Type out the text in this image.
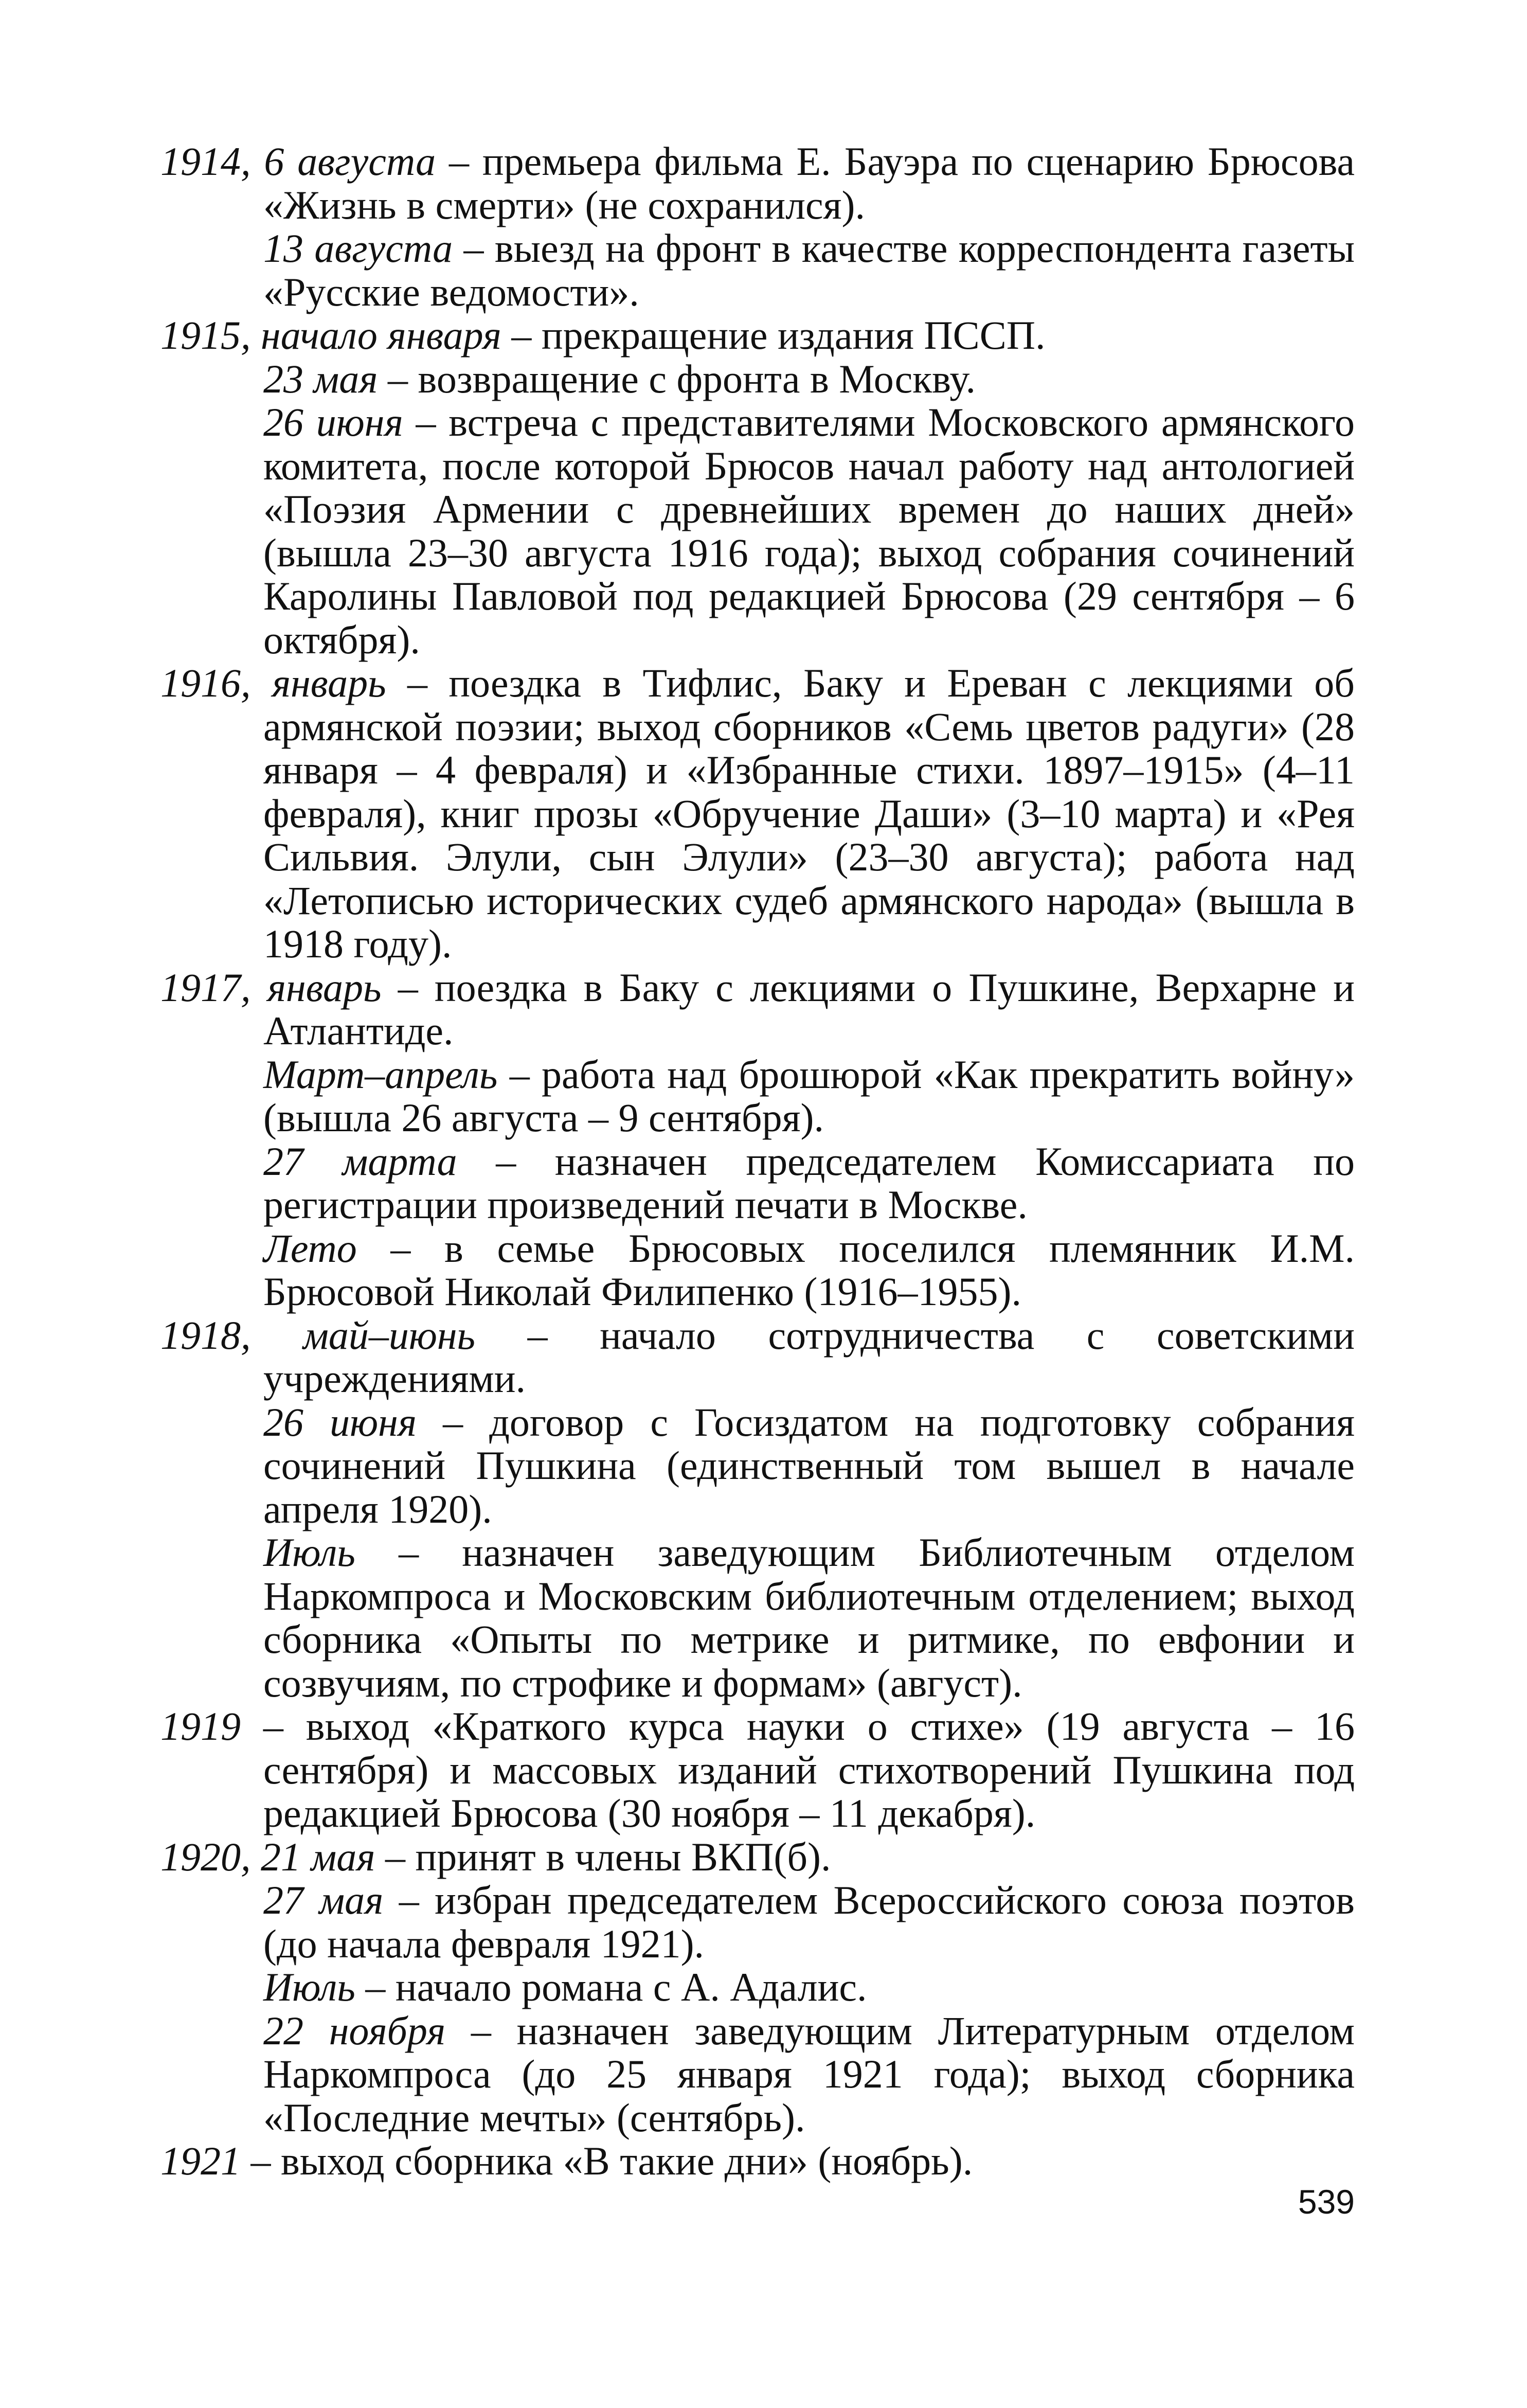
1914, 6 августа – премьера фильма Е. Бауэра по сценарию Брюсова «Жизнь в смерти» (не сохранился).

13 августа – выезд на фронт в качестве корреспондента газеты «Русские ведомости».

1915, начало января – прекращение издания ПССП.

23 мая – возвращение с фронта в Москву.

26 июня – встреча с представителями Московского армянского комитета, после которой Брюсов начал работу над антологией «Поэзия Армении с древнейших времен до наших дней» (вышла 23–30 августа 1916 года); выход собрания сочинений Каролины Павловой под редакцией Брюсова (29 сентября – 6 октября).

1916, январь – поездка в Тифлис, Баку и Ереван с лекциями об армянской поэзии; выход сборников «Семь цветов радуги» (28 января – 4 февраля) и «Избранные стихи. 1897–1915» (4–11 февраля), книг прозы «Обручение Даши» (3–10 марта) и «Рея Сильвия. Элули, сын Элули» (23–30 августа); работа над «Летописью исторических судеб армянского народа» (вышла в 1918 году).

1917, январь – поездка в Баку с лекциями о Пушкине, Верхарне и Атлантиде.

Март–апрель – работа над брошюрой «Как прекратить войну» (вышла 26 августа – 9 сентября).

27 марта – назначен председателем Комиссариата по регистрации произведений печати в Москве.

Лето – в семье Брюсовых поселился племянник И.М. Брюсовой Николай Филипенко (1916–1955).

1918, май–июнь – начало сотрудничества с советскими учреждениями.

26 июня – договор с Госиздатом на подготовку собрания сочинений Пушкина (единственный том вышел в начале апреля 1920).

Июль – назначен заведующим Библиотечным отделом Наркомпроса и Московским библиотечным отделением; выход сборника «Опыты по метрике и ритмике, по евфонии и созвучиям, по строфике и формам» (август).

1919 – выход «Краткого курса науки о стихе» (19 августа – 16 сентября) и массовых изданий стихотворений Пушкина под редакцией Брюсова (30 ноября – 11 декабря).

1920, 21 мая – принят в члены ВКП(б).

27 мая – избран председателем Всероссийского союза поэтов (до начала февраля 1921).

Июль – начало романа с А. Адалис.

22 ноября – назначен заведующим Литературным отделом Наркомпроса (до 25 января 1921 года); выход сборника «Последние мечты» (сентябрь).

1921 – выход сборника «В такие дни» (ноябрь).

539
